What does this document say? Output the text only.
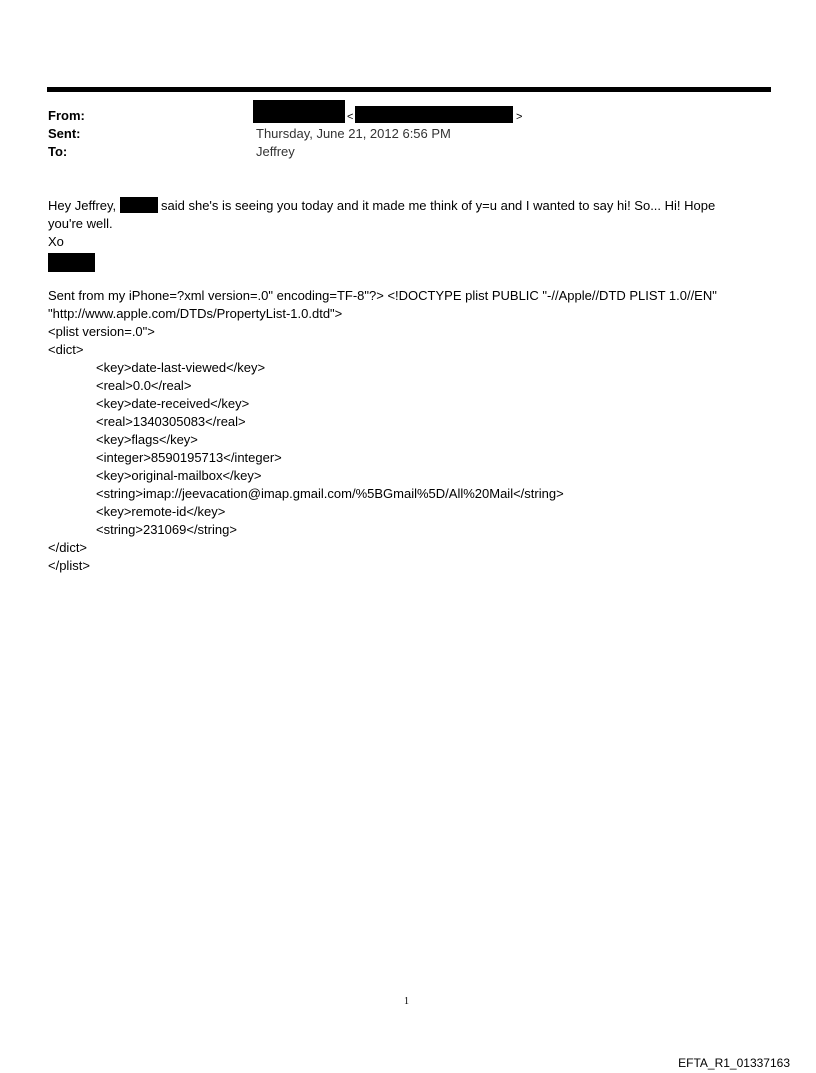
From:	<	>
Sent:	Thursday, June 21, 2012 6:56 PM
To:	Jeffrey
Hey Jeffrey,	said she's is seeing you today and it made me think of y=u and I wanted to say hi! So... Hi! Hope
you're well.
Xo
Sent from my iPhone=?xml version=.0" encoding=TF-8"?> <!DOCTYPE plist PUBLIC "-//Apple//DTD PLIST 1.0//EN"
"http://www.apple.com/DTDs/PropertyList-1.0.dtd">
<plist version=.0">
<dict>
<key>date-last-viewed</key>
<real>0.0</real>
<key>date-received</key>
<real>1340305083</real>
<key>flags</key>
<integer>8590195713</integer>
<key>original-mailbox</key>
<string>imap://jeevacation@imap.gmail.com/%5BGmail%5D/All%20Mail</string>
<key>remote-id</key>
<string>231069</string>
</dict>
</plist>
1
EFTA_R1_01337163
